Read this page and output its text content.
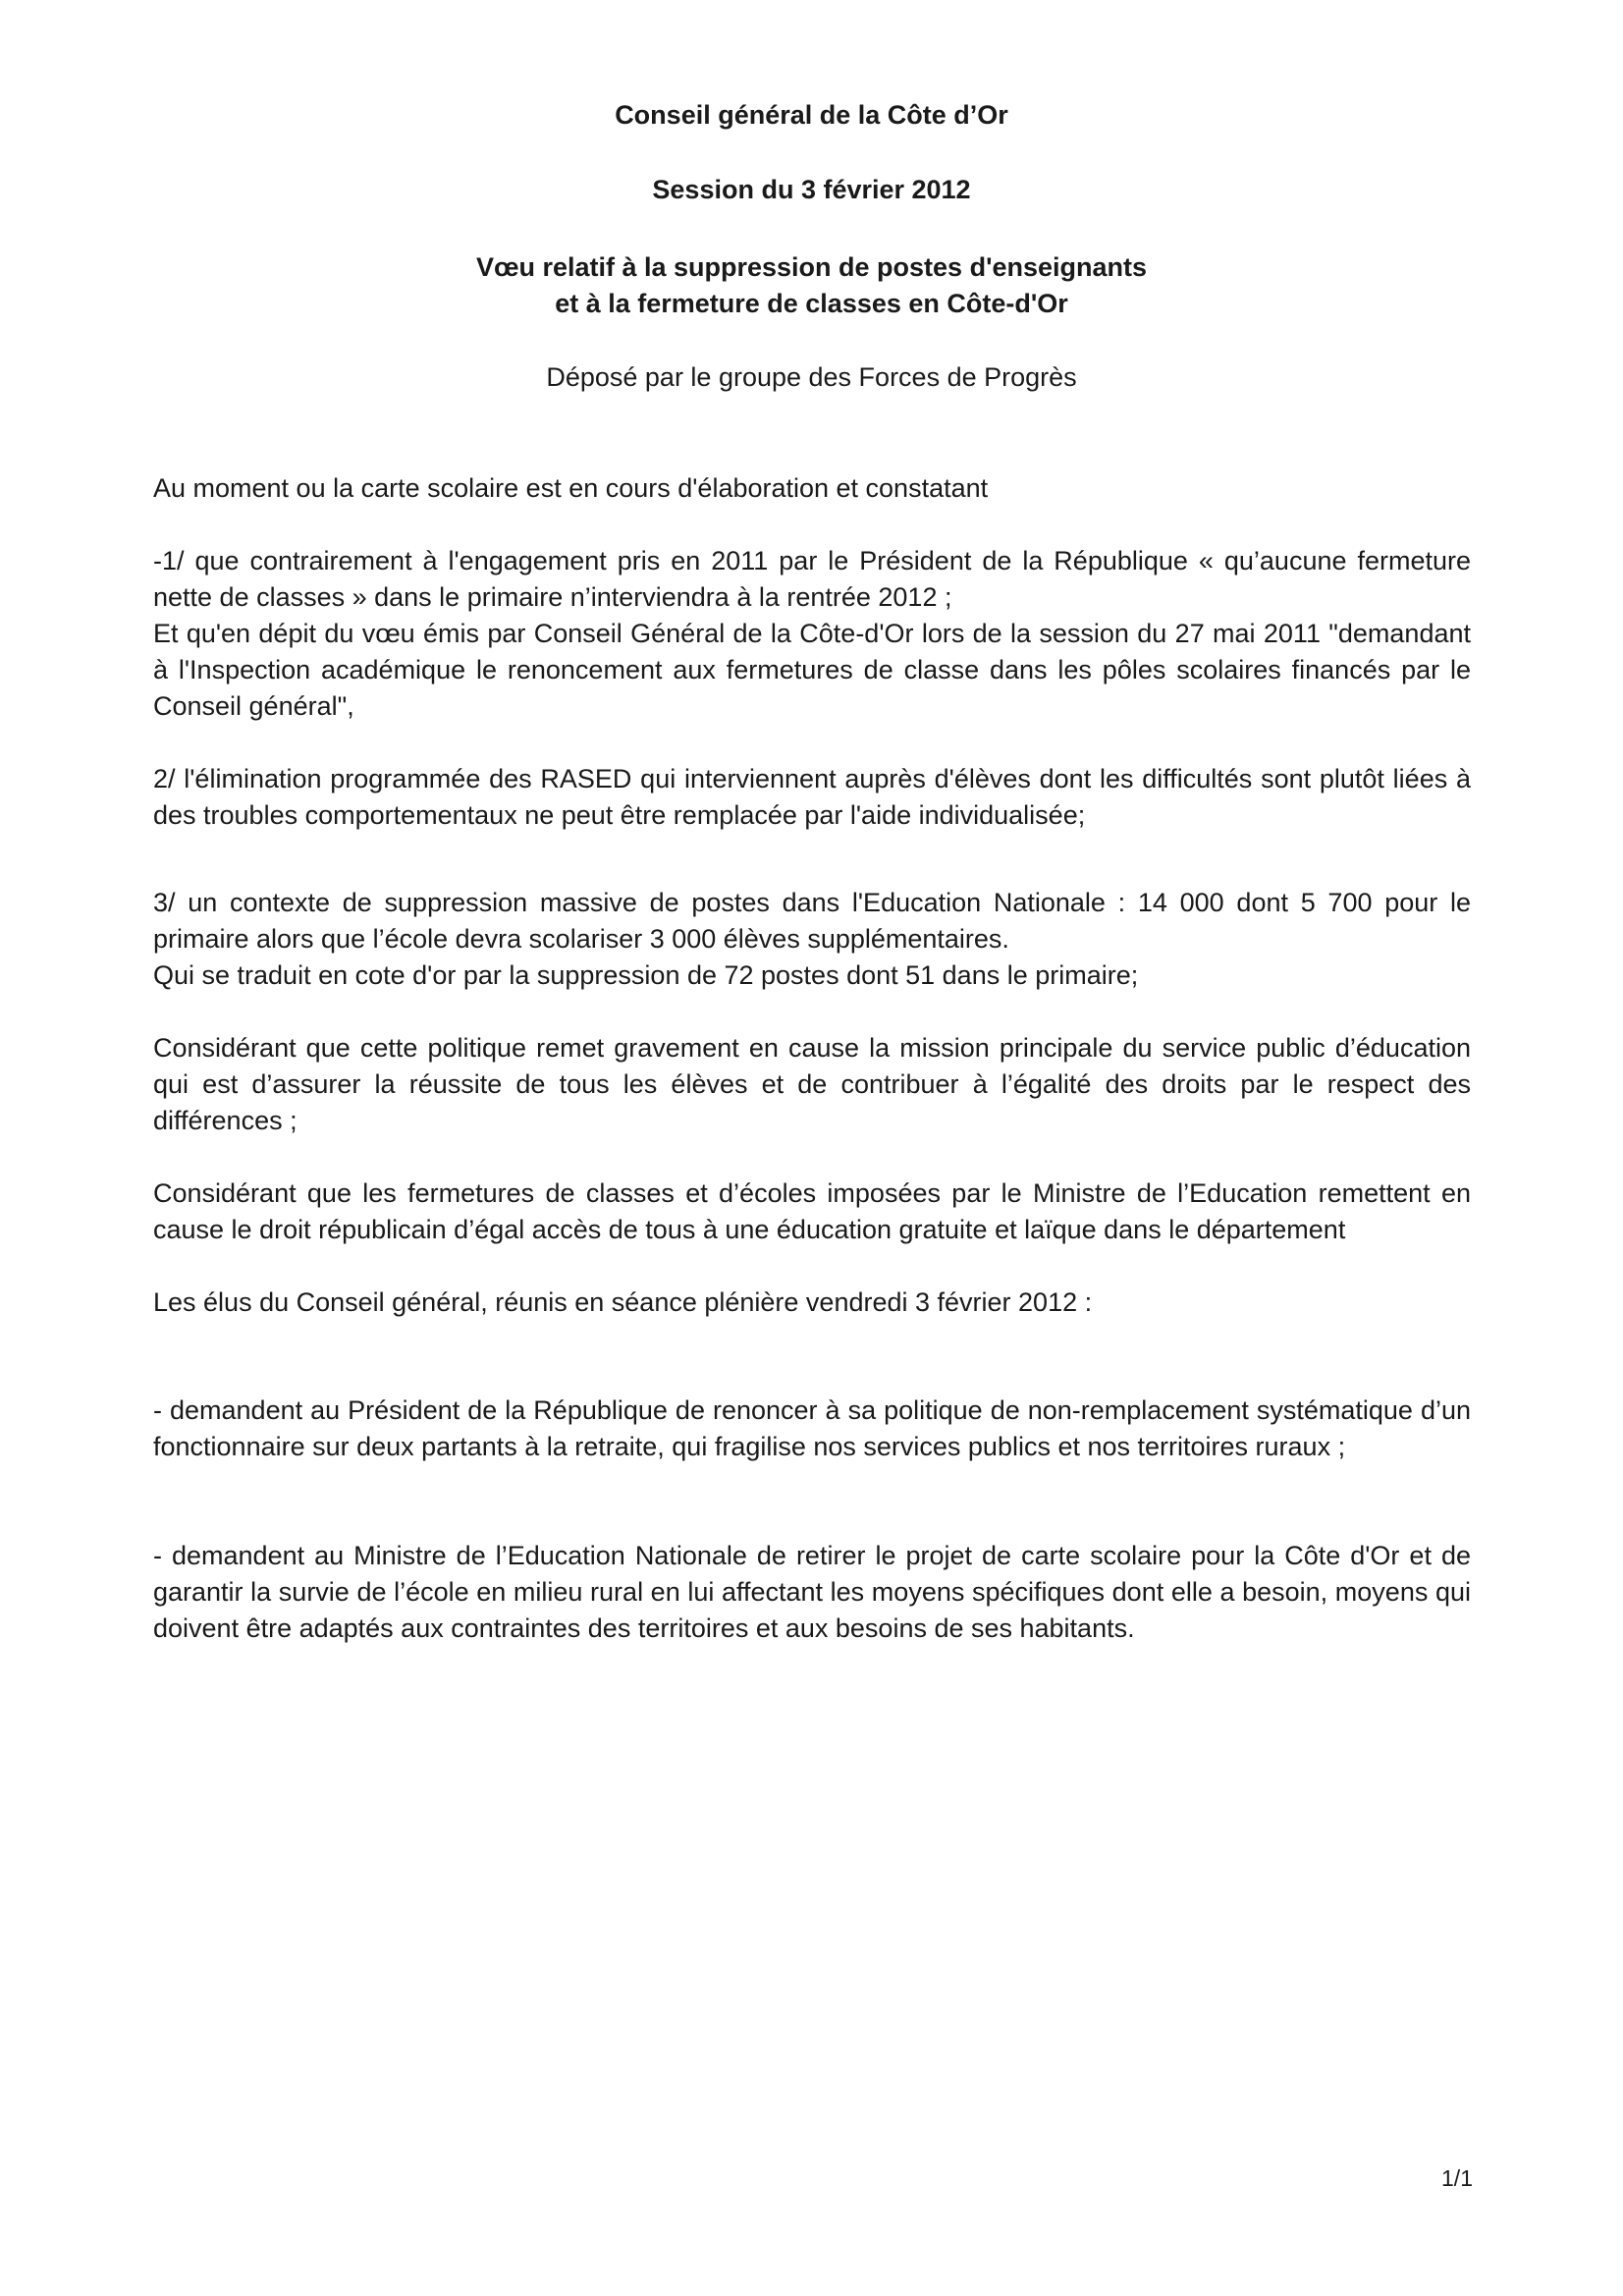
Conseil général de la Côte d’Or

Session du 3 février 2012

Vœu relatif à la suppression de postes d'enseignants

et à la fermeture de classes en Côte-d'Or

Déposé par le groupe des Forces de Progrès

Au moment ou la carte scolaire est en cours d'élaboration et constatant

-1/ que contrairement à l'engagement pris en 2011 par le Président de la République « qu’aucune fermeture nette de classes » dans le primaire n’interviendra à la rentrée 2012 ;

Et qu'en dépit du vœu émis par Conseil Général de la Côte-d'Or lors de la session du 27 mai 2011 "demandant à l'Inspection académique le renoncement aux fermetures de classe dans les pôles scolaires financés par le Conseil général",

2/ l'élimination programmée des RASED qui interviennent auprès d'élèves dont les difficultés sont plutôt liées à des troubles comportementaux ne peut être remplacée par l'aide individualisée;

3/ un contexte de suppression massive de postes dans l'Education Nationale : 14 000 dont 5 700 pour le primaire alors que l’école devra scolariser 3 000 élèves supplémentaires.

Qui se traduit en cote d'or par la suppression de 72 postes dont 51 dans le primaire;

Considérant que cette politique remet gravement en cause la mission principale du service public d’éducation qui est d’assurer la réussite de tous les élèves et de contribuer à l’égalité des droits par le respect des différences ;

Considérant que les fermetures de classes et d’écoles imposées par le Ministre de l’Education remettent en cause le droit républicain d’égal accès de tous à une éducation gratuite et laïque dans le département

Les élus du Conseil général, réunis en séance plénière vendredi 3 février 2012 :

- demandent au Président de la République de renoncer à sa politique de non-remplacement systématique d’un fonctionnaire sur deux partants à la retraite, qui fragilise nos services publics et nos territoires ruraux ;

- demandent au Ministre de l’Education Nationale de retirer le projet de carte scolaire pour la Côte d'Or et de garantir la survie de l’école en milieu rural en lui affectant les moyens spécifiques dont elle a besoin, moyens qui doivent être adaptés aux contraintes des territoires et aux besoins de ses habitants.

1/1
